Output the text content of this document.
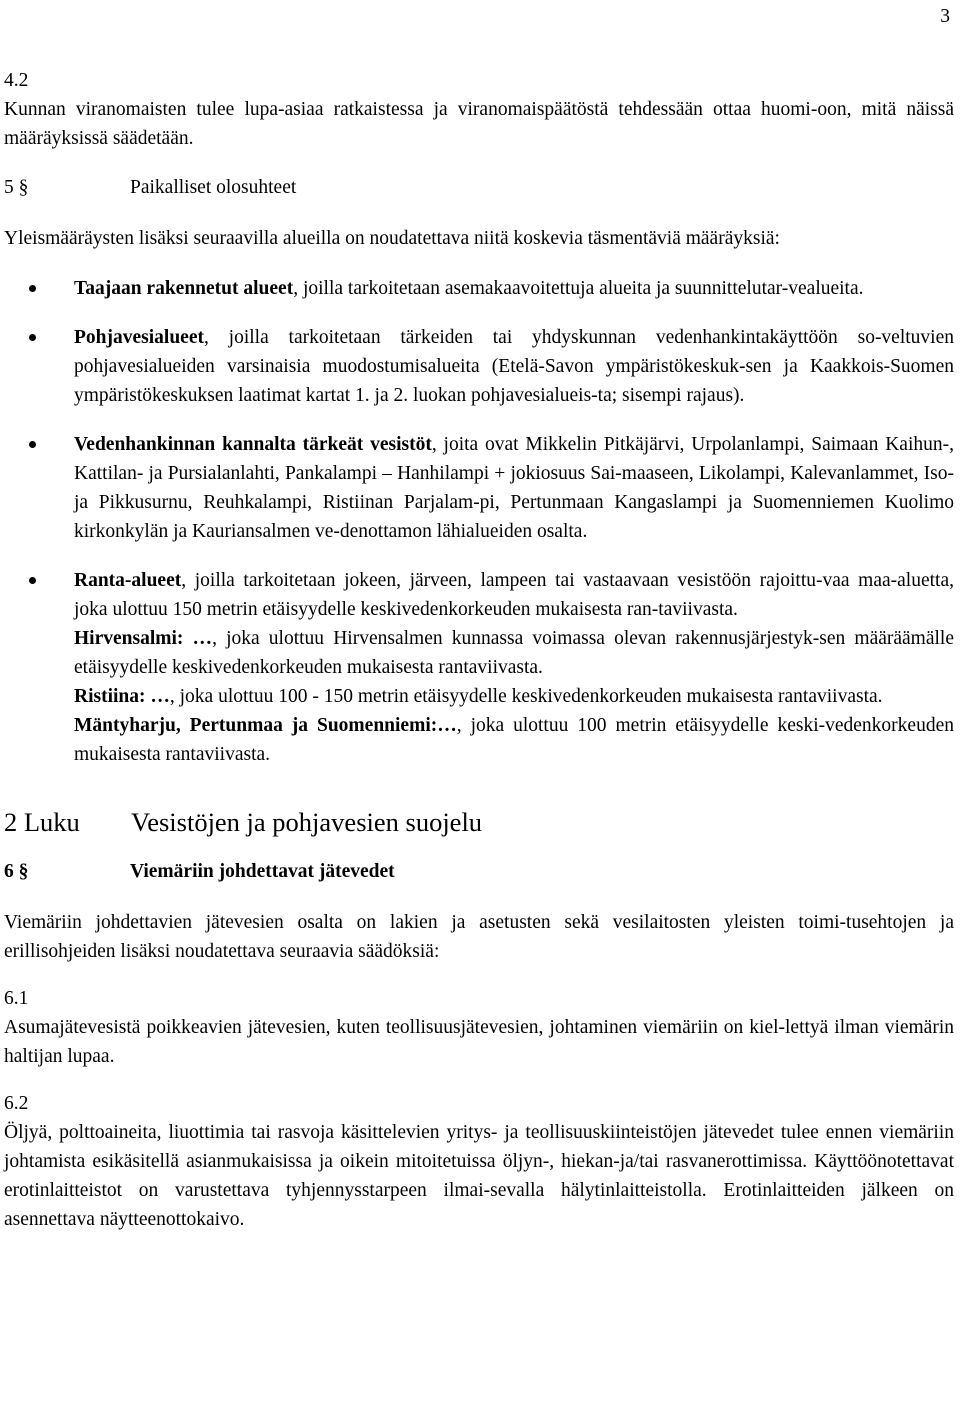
3

4.2

Kunnan viranomaisten tulee lupa-asiaa ratkaistessa ja viranomaispäätöstä tehdessään ottaa huomi-oon, mitä näissä määräyksissä säädetään.

5 §	Paikalliset olosuhteet

Yleismääräysten lisäksi seuraavilla alueilla on noudatettava niitä koskevia täsmentäviä määräyksiä:

Taajaan rakennetut alueet, joilla tarkoitetaan asemakaavoitettuja alueita ja suunnittelutar-vealueita.
Pohjavesialueet, joilla tarkoitetaan tärkeiden tai yhdyskunnan vedenhankintakäyttöön so-veltuvien pohjavesialueiden varsinaisia muodostumisalueita (Etelä-Savon ympäristökeskuk-sen ja Kaakkois-Suomen ympäristökeskuksen laatimat kartat 1. ja 2. luokan pohjavesialueis-ta; sisempi rajaus).
Vedenhankinnan kannalta tärkeät vesistöt, joita ovat Mikkelin Pitkäjärvi, Urpolanlampi, Saimaan Kaihun-, Kattilan- ja Pursialanlahti, Pankalampi – Hanhilampi + jokiosuus Sai-maaseen, Likolampi, Kalevanlammet, Iso- ja Pikkusurnu, Reuhkalampi, Ristiinan Parjalam-pi, Pertunmaan Kangaslampi ja Suomenniemen Kuolimo kirkonkylän ja Kauriansalmen ve-denottamon lähialueiden osalta.
Ranta-alueet, joilla tarkoitetaan jokeen, järveen, lampeen tai vastaavaan vesistöön rajoittu-vaa maa-aluetta, joka ulottuu 150 metrin etäisyydelle keskivedenkorkeuden mukaisesta ran-taviivasta.
Hirvensalmi: …, joka ulottuu Hirvensalmen kunnassa voimassa olevan rakennusjärjestyk-sen määräämälle etäisyydelle keskivedenkorkeuden mukaisesta rantaviivasta.
Ristiina: …, joka ulottuu 100 - 150 metrin etäisyydelle keskivedenkorkeuden mukaisesta rantaviivasta.
Mäntyharju, Pertunmaa ja Suomenniemi:…, joka ulottuu 100 metrin etäisyydelle keski-vedenkorkeuden mukaisesta rantaviivasta.
2 Luku Vesistöjen ja pohjavesien suojelu
6 §	Viemäriin johdettavat jätevedet

Viemäriin johdettavien jätevesien osalta on lakien ja asetusten sekä vesilaitosten yleisten toimi-tusehtojen ja erillisohjeiden lisäksi noudatettava seuraavia säädöksiä:

6.1

Asumajätevesistä poikkeavien jätevesien, kuten teollisuusjätevesien, johtaminen viemäriin on kiel-lettyä ilman viemärin haltijan lupaa.

6.2

Öljyä, polttoaineita, liuottimia tai rasvoja käsittelevien yritys- ja teollisuuskiinteistöjen jätevedet tulee ennen viemäriin johtamista esikäsitellä asianmukaisissa ja oikein mitoitetuissa öljyn-, hiekan-ja/tai rasvanerottimissa. Käyttöönotettavat erotinlaitteistot on varustettava tyhjennysstarpeen ilmai-sevalla hälytinlaitteistolla. Erotinlaitteiden jälkeen on asennettava näytteenottokaivo.
